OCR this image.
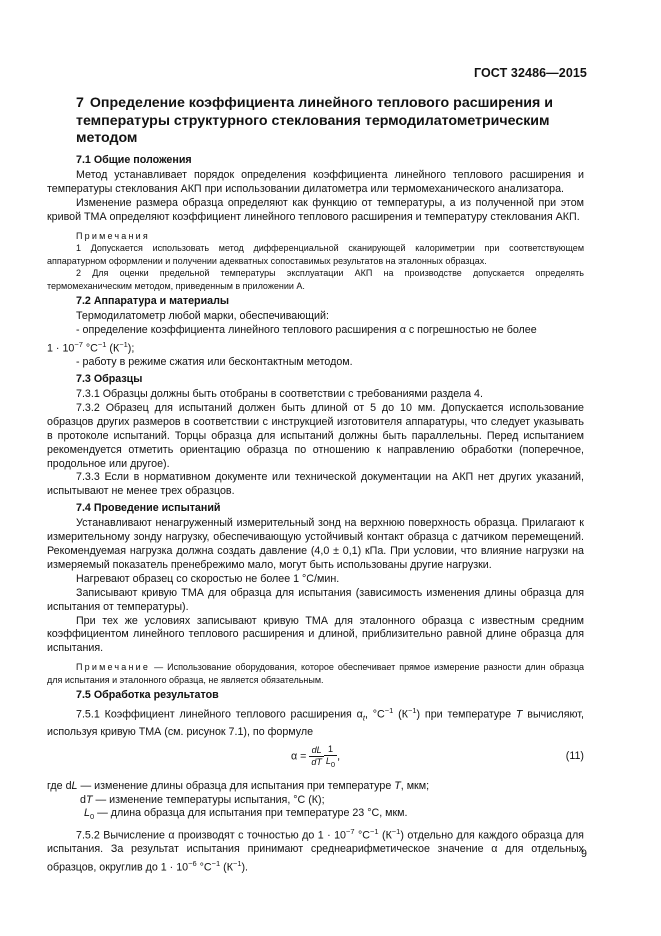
ГОСТ 32486—2015
7 Определение коэффициента линейного теплового расширения и температуры структурного стеклования термодилатометрическим методом
7.1 Общие положения

Метод устанавливает порядок определения коэффициента линейного теплового расширения и температуры стеклования АКП при использовании дилатометра или термомеханического анализатора.

Изменение размера образца определяют как функцию от температуры, а из полученной при этом кривой ТМА определяют коэффициент линейного теплового расширения и температуру стеклования АКП.

Примечания

1 Допускается использовать метод дифференциальной сканирующей калориметрии при соответствующем аппаратурном оформлении и получении адекватных сопоставимых результатов на эталонных образцах.

2 Для оценки предельной температуры эксплуатации АКП на производстве допускается определять термомеханическим методом, приведенным в приложении А.

7.2 Аппаратура и материалы

Термодилатометр любой марки, обеспечивающий:

- определение коэффициента линейного теплового расширения α с погрешностью не более

$1 \cdot 10^{-7}$ $^\circ C^{-1}$ $(К^{-1})$;

- работу в режиме сжатия или бесконтактным методом.

7.3 Образцы

7.3.1 Образцы должны быть отобраны в соответствии с требованиями раздела 4.

7.3.2 Образец для испытаний должен быть длиной от 5 до 10 мм. Допускается использование образцов других размеров в соответствии с инструкцией изготовителя аппаратуры, что следует указывать в протоколе испытаний. Торцы образца для испытаний должны быть параллельны. Перед испытанием рекомендуется отметить ориентацию образца по отношению к направлению обработки (поперечное, продольное или другое).

7.3.3 Если в нормативном документе или технической документации на АКП нет других указаний, испытывают не менее трех образцов.

7.4 Проведение испытаний

Устанавливают ненагруженный измерительный зонд на верхнюю поверхность образца. Прилагают к измерительному зонду нагрузку, обеспечивающую устойчивый контакт образца с датчиком перемещений. Рекомендуемая нагрузка должна создать давление (4,0 ± 0,1) кПа. При условии, что влияние нагрузки на измеряемый показатель пренебрежимо мало, могут быть использованы другие нагрузки.

Нагревают образец со скоростью не более 1 °С/мин.

Записывают кривую ТМА для образца для испытания (зависимость изменения длины образца для испытания от температуры).

При тех же условиях записывают кривую ТМА для эталонного образца с известным средним коэффициентом линейного теплового расширения и длиной, приблизительно равной длине образца для испытания.

Примечание — Использование оборудования, которое обеспечивает прямое измерение разности длин образца для испытания и эталонного образца, не является обязательным.

7.5 Обработка результатов

7.5.1 Коэффициент линейного теплового расширения $\alpha_t$, $^\circ С^{-1}$ $(К^{-1})$ при температуре T вычисляют, используя кривую ТМА (см. рисунок 7.1), по формуле

$\alpha = \frac{dL}{dT} \frac{1}{L_0}$ ,	(11)

где dL — изменение длины образца для испытания при температуре T, мкм;

dT — изменение температуры испытания, °С (К);

$L_0$ — длина образца для испытания при температуре 23 °С, мкм.

7.5.2 Вычисление α производят с точностью до $1 \cdot 10^{-7}$ $^\circ С^{-1}$ $(К^{-1})$ отдельно для каждого образца для испытания. За результат испытания принимают среднеарифметическое значение α для отдельных образцов, округлив до $1 \cdot 10^{-6}$ $^\circ С^{-1}$ $(К^{-1})$.

9
